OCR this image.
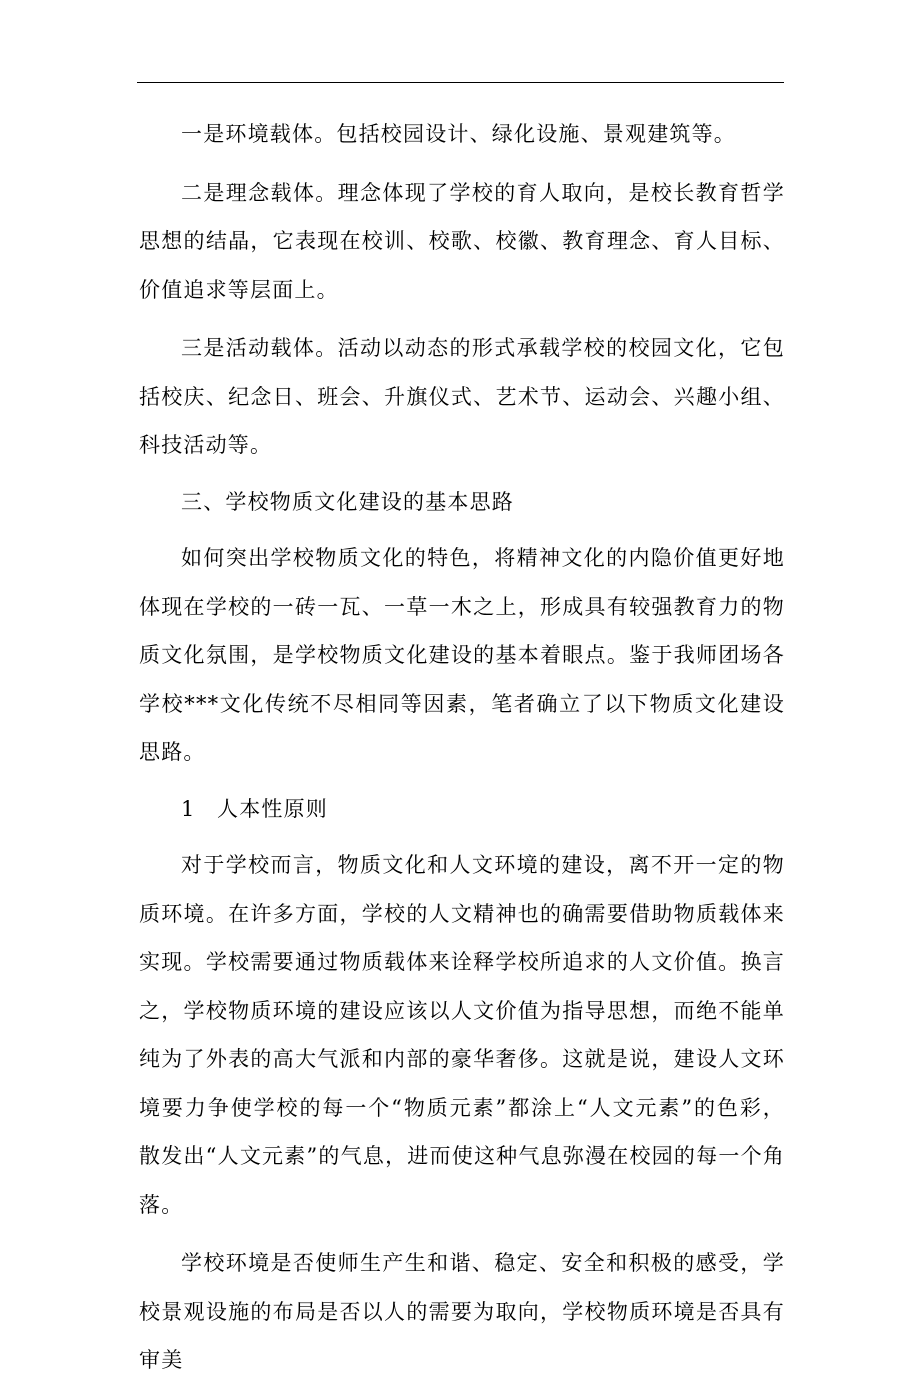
一是环境载体。包括校园设计、绿化设施、景观建筑等。

二是理念载体。理念体现了学校的育人取向，是校长教育哲学思想的结晶，它表现在校训、校歌、校徽、教育理念、育人目标、价值追求等层面上。

三是活动载体。活动以动态的形式承载学校的校园文化，它包括校庆、纪念日、班会、升旗仪式、艺术节、运动会、兴趣小组、科技活动等。

三、学校物质文化建设的基本思路

如何突出学校物质文化的特色，将精神文化的内隐价值更好地体现在学校的一砖一瓦、一草一木之上，形成具有较强教育力的物质文化氛围，是学校物质文化建设的基本着眼点。鉴于我师团场各学校***文化传统不尽相同等因素，笔者确立了以下物质文化建设思路。

1 人本性原则

对于学校而言，物质文化和人文环境的建设，离不开一定的物质环境。在许多方面，学校的人文精神也的确需要借助物质载体来实现。学校需要通过物质载体来诠释学校所追求的人文价值。换言之，学校物质环境的建设应该以人文价值为指导思想，而绝不能单纯为了外表的高大气派和内部的豪华奢侈。这就是说，建设人文环境要力争使学校的每一个“物质元素”都涂上“人文元素”的色彩，散发出“人文元素”的气息，进而使这种气息弥漫在校园的每一个角落。

学校环境是否使师生产生和谐、稳定、安全和积极的感受，学校景观设施的布局是否以人的需要为取向，学校物质环境是否具有审美
